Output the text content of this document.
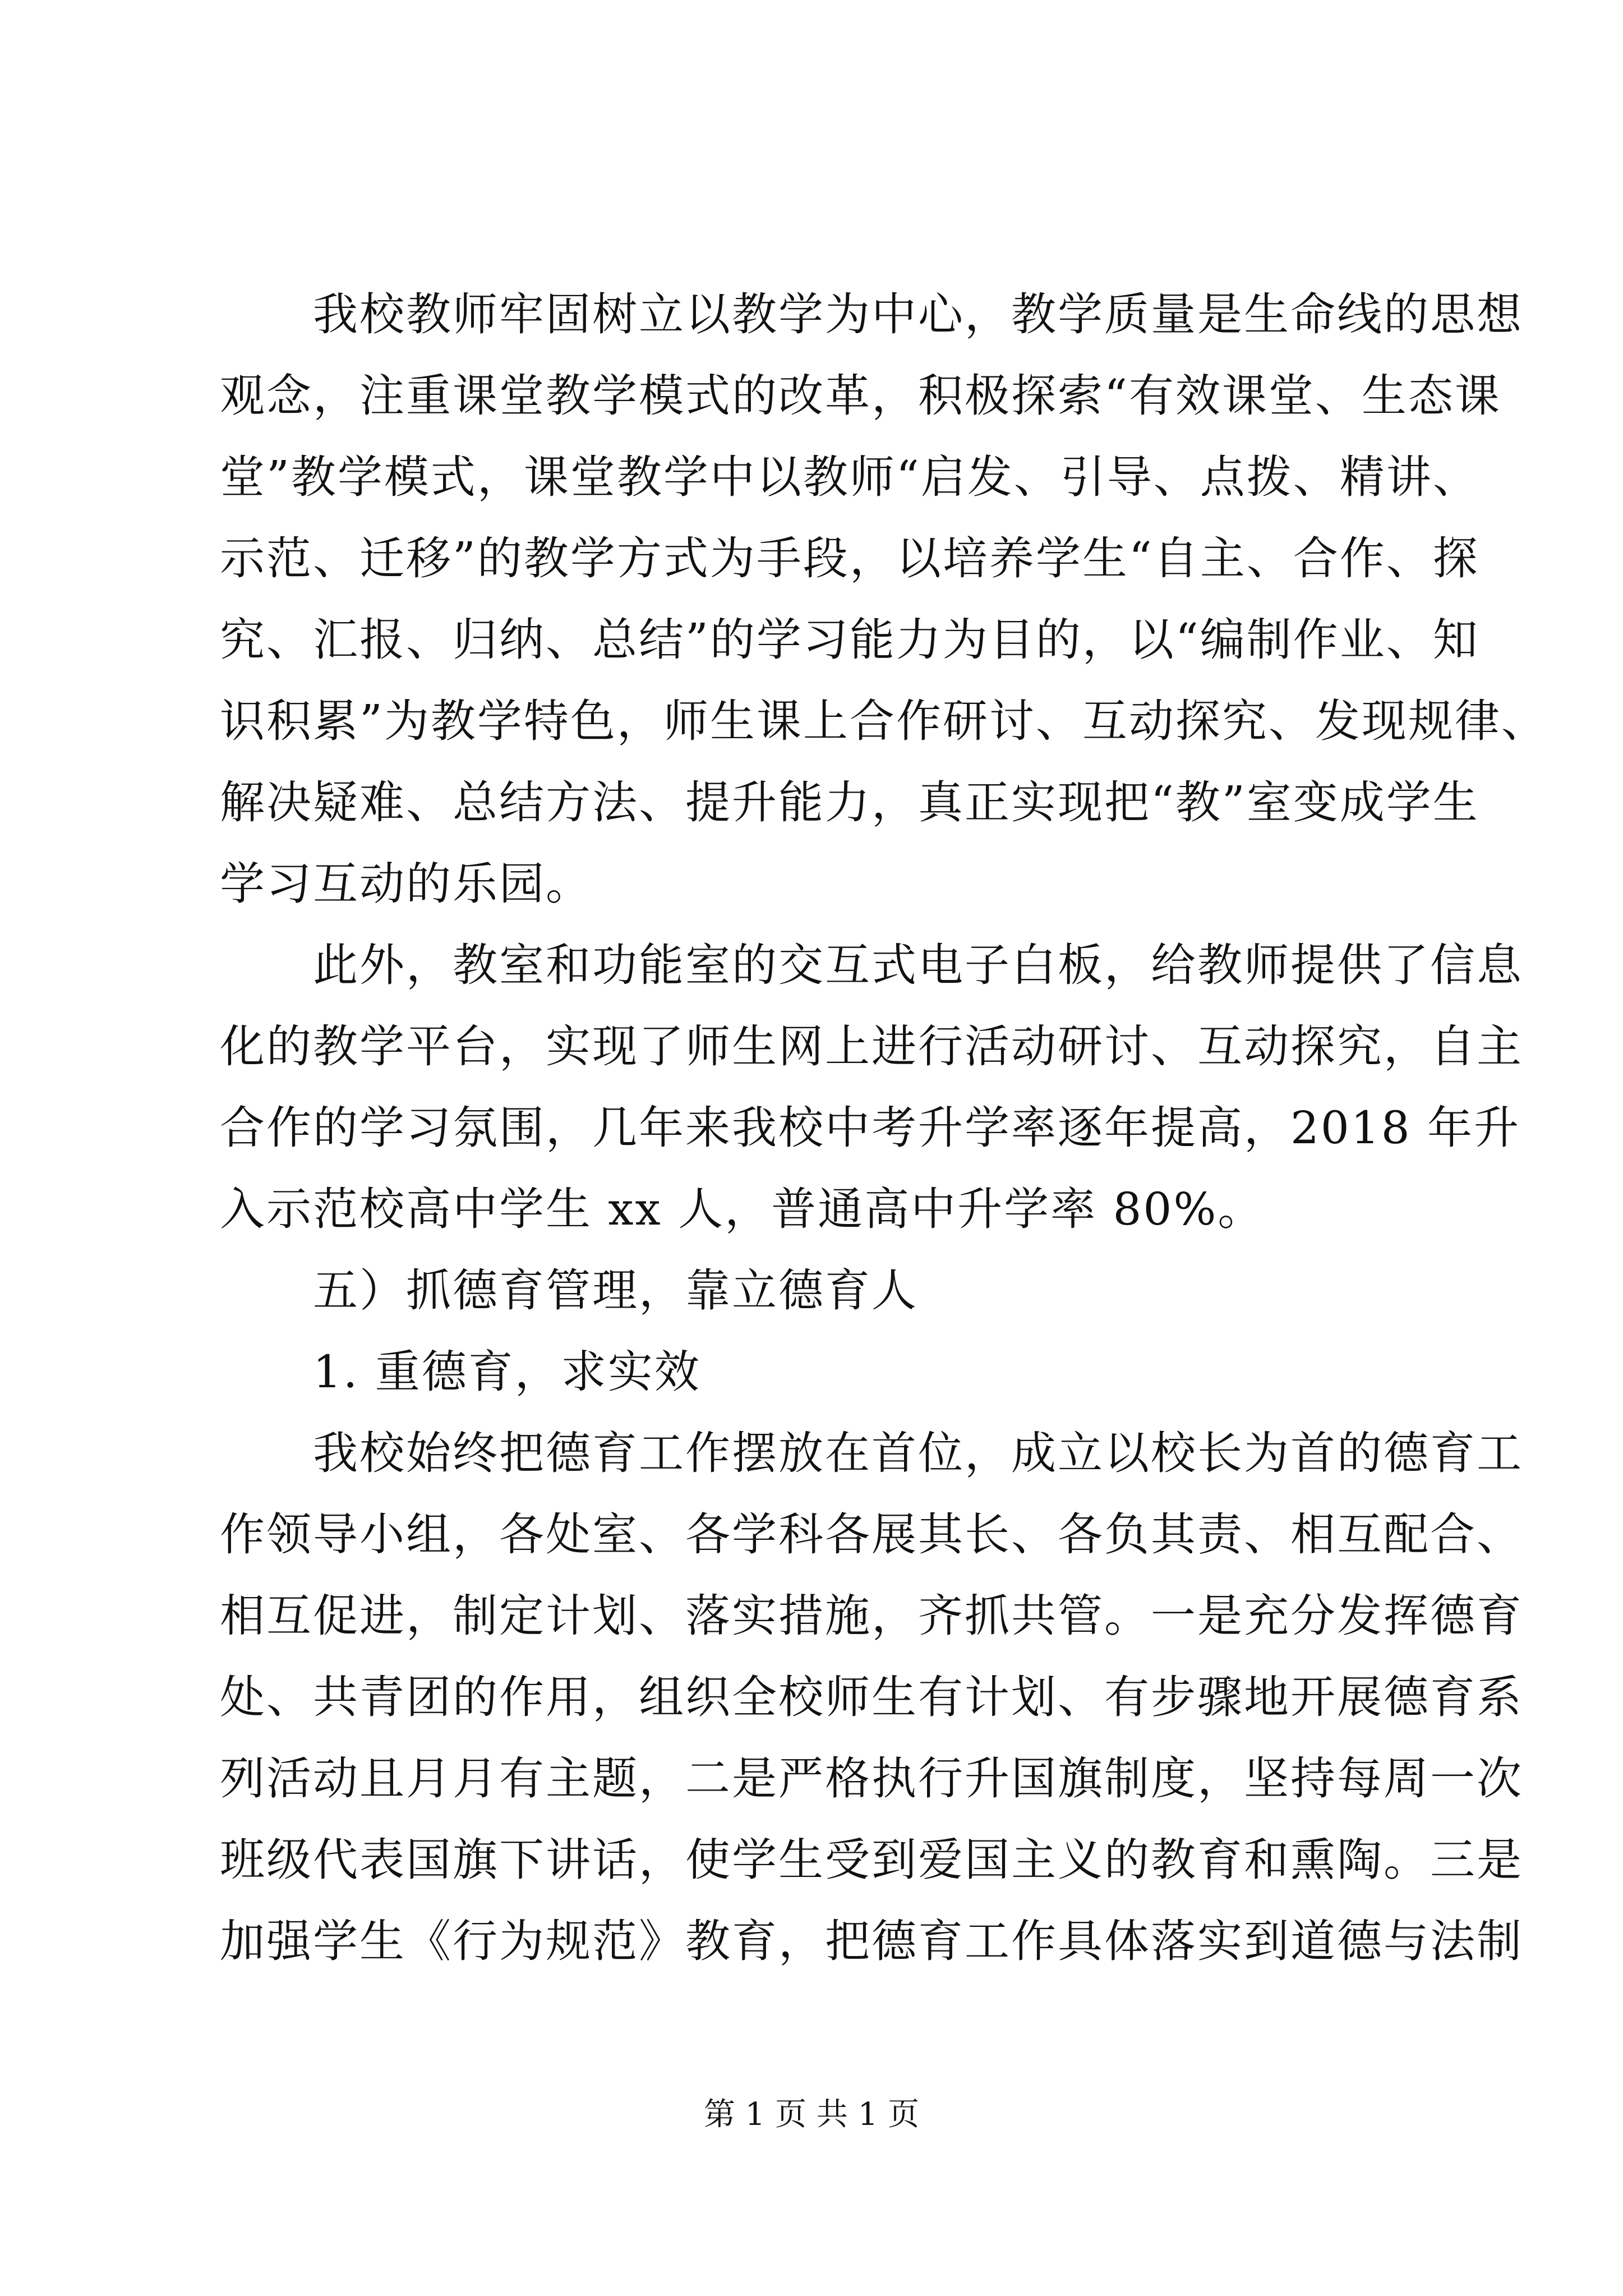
　　我校教师牢固树立以教学为中心，教学质量是生命线的思想
观念，注重课堂教学模式的改革，积极探索“有效课堂、生态课
堂”教学模式，课堂教学中以教师“启发、引导、点拨、精讲、
示范、迁移”的教学方式为手段，以培养学生“自主、合作、探
究、汇报、归纳、总结”的学习能力为目的，以“编制作业、知
识积累”为教学特色，师生课上合作研讨、互动探究、发现规律、
解决疑难、总结方法、提升能力，真正实现把“教”室变成学生
学习互动的乐园。
　　此外，教室和功能室的交互式电子白板，给教师提供了信息
化的教学平台，实现了师生网上进行活动研讨、互动探究，自主
合作的学习氛围，几年来我校中考升学率逐年提高，2018 年升
入示范校高中学生 xx 人，普通高中升学率 80%。
　　五）抓德育管理，靠立德育人
　　1. 重德育，求实效
　　我校始终把德育工作摆放在首位，成立以校长为首的德育工
作领导小组，各处室、各学科各展其长、各负其责、相互配合、
相互促进，制定计划、落实措施，齐抓共管。一是充分发挥德育
处、共青团的作用，组织全校师生有计划、有步骤地开展德育系
列活动且月月有主题，二是严格执行升国旗制度，坚持每周一次
班级代表国旗下讲话，使学生受到爱国主义的教育和熏陶。三是
加强学生《行为规范》教育，把德育工作具体落实到道德与法制
第 1 页 共 1 页
